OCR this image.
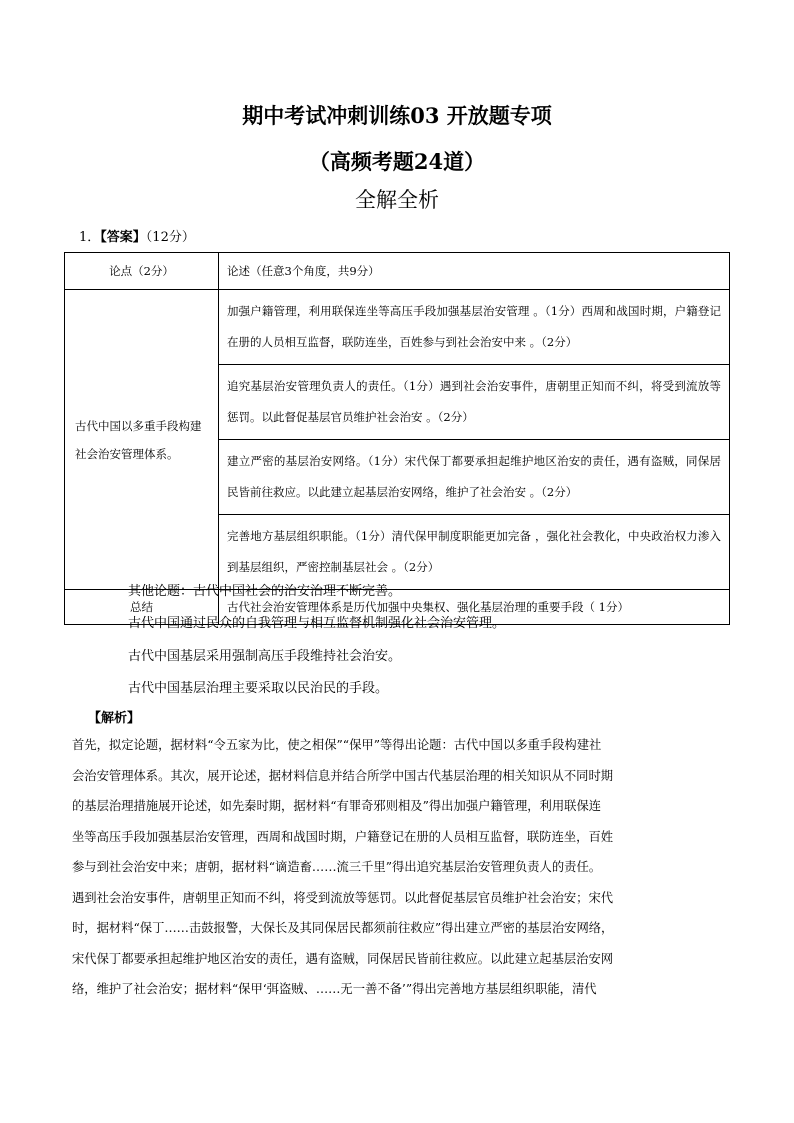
期中考试冲刺训练03 开放题专项
（高频考题24道）
全解全析
1．【答案】（12分）
论点（2分）	论述（任意3个角度，共9分）
古代中国以多重手段构建社会治安管理体系。	加强户籍管理，利用联保连坐等高压手段加强基层治安管理 。（1分）西周和战国时期，户籍登记在册的人员相互监督，联防连坐，百姓参与到社会治安中来 。（2分）
	追究基层治安管理负责人的责任。（1分）遇到社会治安事件，唐朝里正知而不纠，将受到流放等惩罚。以此督促基层官员维护社会治安 。（2分）
	建立严密的基层治安网络。（1分）宋代保丁都要承担起维护地区治安的责任，遇有盗贼，同保居民皆前往救应。以此建立起基层治安网络，维护了社会治安 。（2分）
	完善地方基层组织职能。（1分）清代保甲制度职能更加完备 ，强化社会教化，中央政治权力渗入到基层组织，严密控制基层社会 。（2分）
总结	古代社会治安管理体系是历代加强中央集权、强化基层治理的重要手段（ 1分）
其他论题：古代中国社会的治安治理不断完善。
古代中国通过民众的自我管理与相互监督机制强化社会治安管理。
古代中国基层采用强制高压手段维持社会治安。
古代中国基层治理主要采取以民治民的手段。
【解析】
首先，拟定论题，据材料“令五家为比，使之相保”“保甲”等得出论题：古代中国以多重手段构建社
会治安管理体系。其次，展开论述，据材料信息并结合所学中国古代基层治理的相关知识从不同时期
的基层治理措施展开论述，如先秦时期，据材料“有罪奇邪则相及”得出加强户籍管理，利用联保连
坐等高压手段加强基层治安管理，西周和战国时期，户籍登记在册的人员相互监督，联防连坐，百姓
参与到社会治安中来；唐朝，据材料“谪造畜……流三千里”得出追究基层治安管理负责人的责任。
遇到社会治安事件，唐朝里正知而不纠，将受到流放等惩罚。以此督促基层官员维护社会治安；宋代
时，据材料“保丁……击鼓报警，大保长及其同保居民都须前往救应”得出建立严密的基层治安网络，
宋代保丁都要承担起维护地区治安的责任，遇有盗贼，同保居民皆前往救应。以此建立起基层治安网
络，维护了社会治安；据材料“保甲‘弭盗贼、……无一善不备’”得出完善地方基层组织职能，清代
